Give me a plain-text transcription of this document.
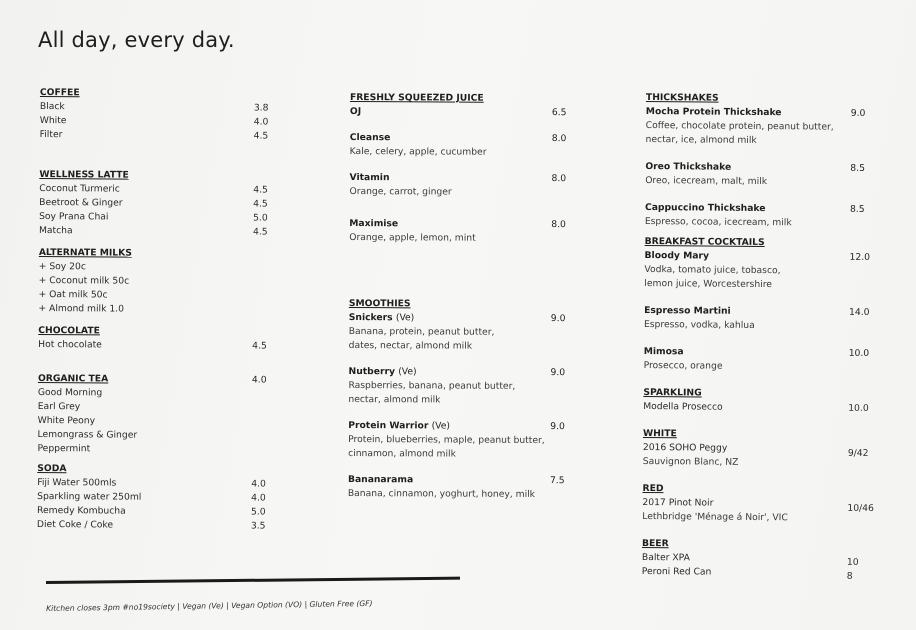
All day, every day.
COFFEE
Black	3.8
White	4.0
Filter	4.5
WELLNESS LATTE
Coconut Turmeric	4.5
Beetroot & Ginger	4.5
Soy Prana Chai	5.0
Matcha	4.5
ALTERNATE MILKS
+ Soy 20c
+ Coconut milk 50c
+ Oat milk 50c
+ Almond milk 1.0
CHOCOLATE
Hot chocolate	4.5
ORGANIC TEA	4.0
Good Morning
Earl Grey
White Peony
Lemongrass & Ginger
Peppermint
SODA
Fiji Water 500mls	4.0
Sparkling water 250ml	4.0
Remedy Kombucha	5.0
Diet Coke / Coke	3.5
FRESHLY SQUEEZED JUICE
OJ	6.5
Cleanse	8.0
Kale, celery, apple, cucumber
Vitamin	8.0
Orange, carrot, ginger
Maximise	8.0
Orange, apple, lemon, mint
SMOOTHIES
Snickers (Ve)	9.0
Banana, protein, peanut butter,
dates, nectar, almond milk
Nutberry (Ve)	9.0
Raspberries, banana, peanut butter,
nectar, almond milk
Protein Warrior (Ve)	9.0
Protein, blueberries, maple, peanut butter,
cinnamon, almond milk
Bananarama	7.5
Banana, cinnamon, yoghurt, honey, milk
THICKSHAKES
Mocha Protein Thickshake	9.0
Coffee, chocolate protein, peanut butter,
nectar, ice, almond milk
Oreo Thickshake	8.5
Oreo, icecream, malt, milk
Cappuccino Thickshake	8.5
Espresso, cocoa, icecream, milk
BREAKFAST COCKTAILS
Bloody Mary	12.0
Vodka, tomato juice, tobasco,
lemon juice, Worcestershire
Espresso Martini	14.0
Espresso, vodka, kahlua
Mimosa	10.0
Prosecco, orange
SPARKLING
Modella Prosecco	10.0
WHITE
2016 SOHO Peggy	9/42
Sauvignon Blanc, NZ
RED
2017 Pinot Noir	10/46
Lethbridge 'Ménage á Noir', VIC
BEER
Balter XPA	10
Peroni Red Can	8
Kitchen closes 3pm #no19society | Vegan (Ve) | Vegan Option (VO) | Gluten Free (GF)
